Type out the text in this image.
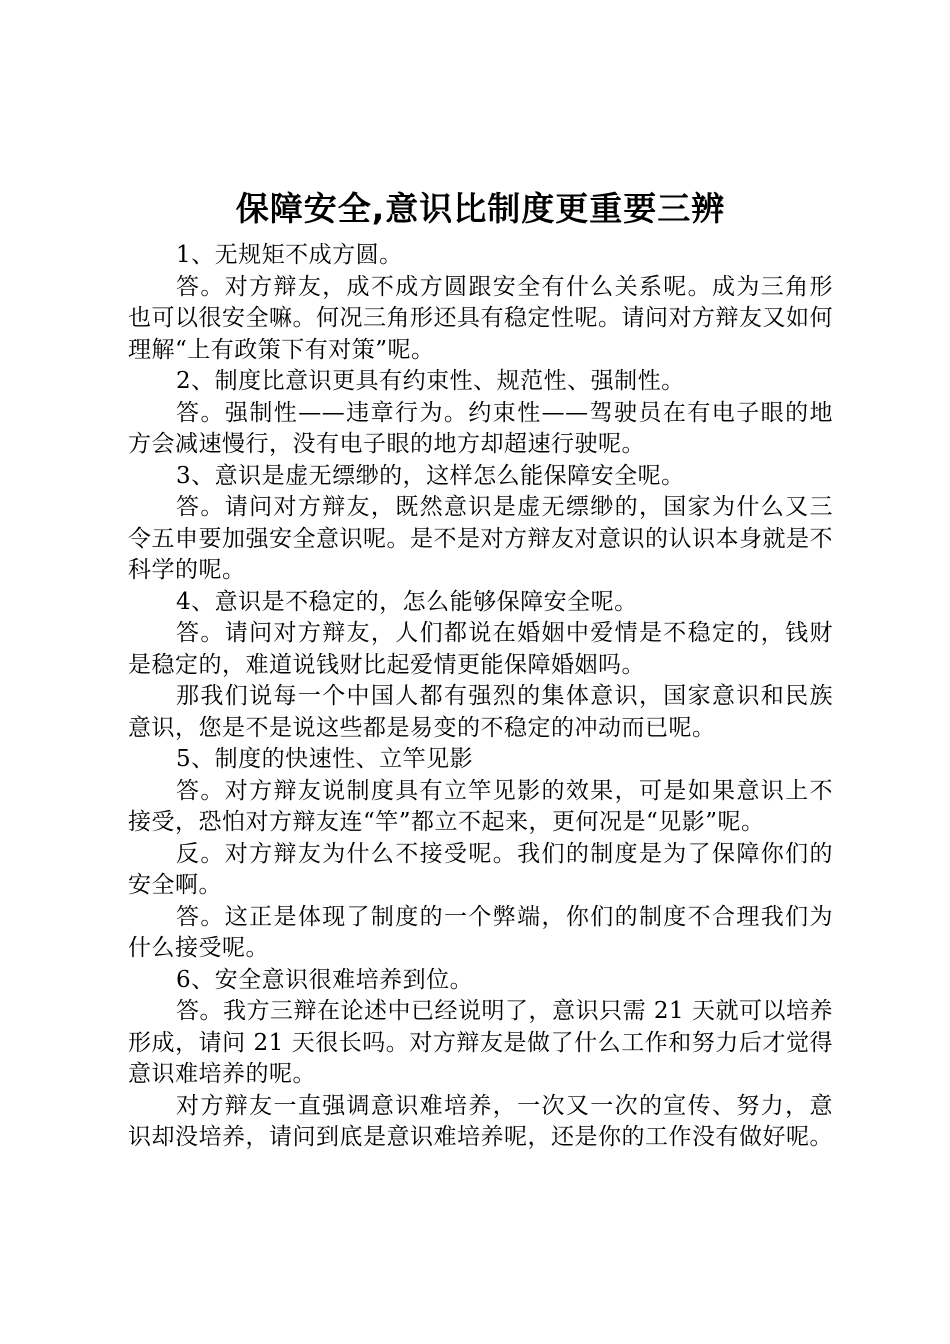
保障安全,意识比制度更重要三辨

1、无规矩不成方圆。

答。对方辩友，成不成方圆跟安全有什么关系呢。成为三角形也可以很安全嘛。何况三角形还具有稳定性呢。请问对方辩友又如何理解“上有政策下有对策”呢。

2、制度比意识更具有约束性、规范性、强制性。

答。强制性——违章行为。约束性——驾驶员在有电子眼的地方会减速慢行，没有电子眼的地方却超速行驶呢。

3、意识是虚无缥缈的，这样怎么能保障安全呢。

答。请问对方辩友，既然意识是虚无缥缈的，国家为什么又三令五申要加强安全意识呢。是不是对方辩友对意识的认识本身就是不科学的呢。

4、意识是不稳定的，怎么能够保障安全呢。

答。请问对方辩友，人们都说在婚姻中爱情是不稳定的，钱财是稳定的，难道说钱财比起爱情更能保障婚姻吗。

那我们说每一个中国人都有强烈的集体意识，国家意识和民族意识，您是不是说这些都是易变的不稳定的冲动而已呢。

5、制度的快速性、立竿见影

答。对方辩友说制度具有立竿见影的效果，可是如果意识上不接受，恐怕对方辩友连“竿”都立不起来，更何况是“见影”呢。

反。对方辩友为什么不接受呢。我们的制度是为了保障你们的安全啊。

答。这正是体现了制度的一个弊端，你们的制度不合理我们为什么接受呢。

6、安全意识很难培养到位。

答。我方三辩在论述中已经说明了，意识只需 21 天就可以培养形成，请问 21 天很长吗。对方辩友是做了什么工作和努力后才觉得意识难培养的呢。

对方辩友一直强调意识难培养，一次又一次的宣传、努力，意识却没培养，请问到底是意识难培养呢，还是你的工作没有做好呢。
